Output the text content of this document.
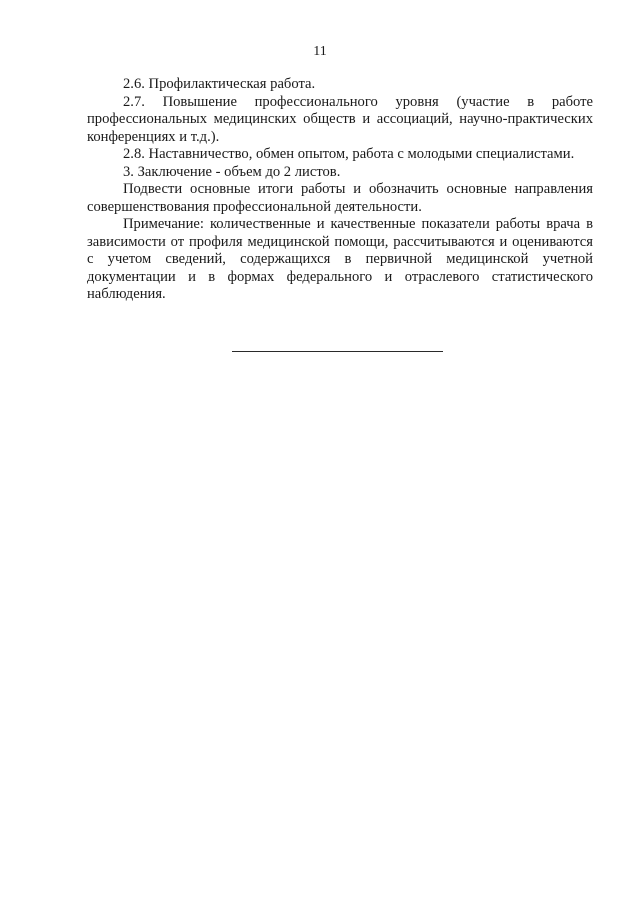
11

2.6. Профилактическая работа.

2.7. Повышение профессионального уровня (участие в работе профессиональных медицинских обществ и ассоциаций, научно-практических конференциях и т.д.).

2.8. Наставничество, обмен опытом, работа с молодыми специалистами.

3. Заключение - объем до 2 листов.

Подвести основные итоги работы и обозначить основные направления совершенствования профессиональной деятельности.

Примечание: количественные и качественные показатели работы врача в зависимости от профиля медицинской помощи, рассчитываются и оцениваются с учетом сведений, содержащихся в первичной медицинской учетной документации и в формах федерального и отраслевого статистического наблюдения.
